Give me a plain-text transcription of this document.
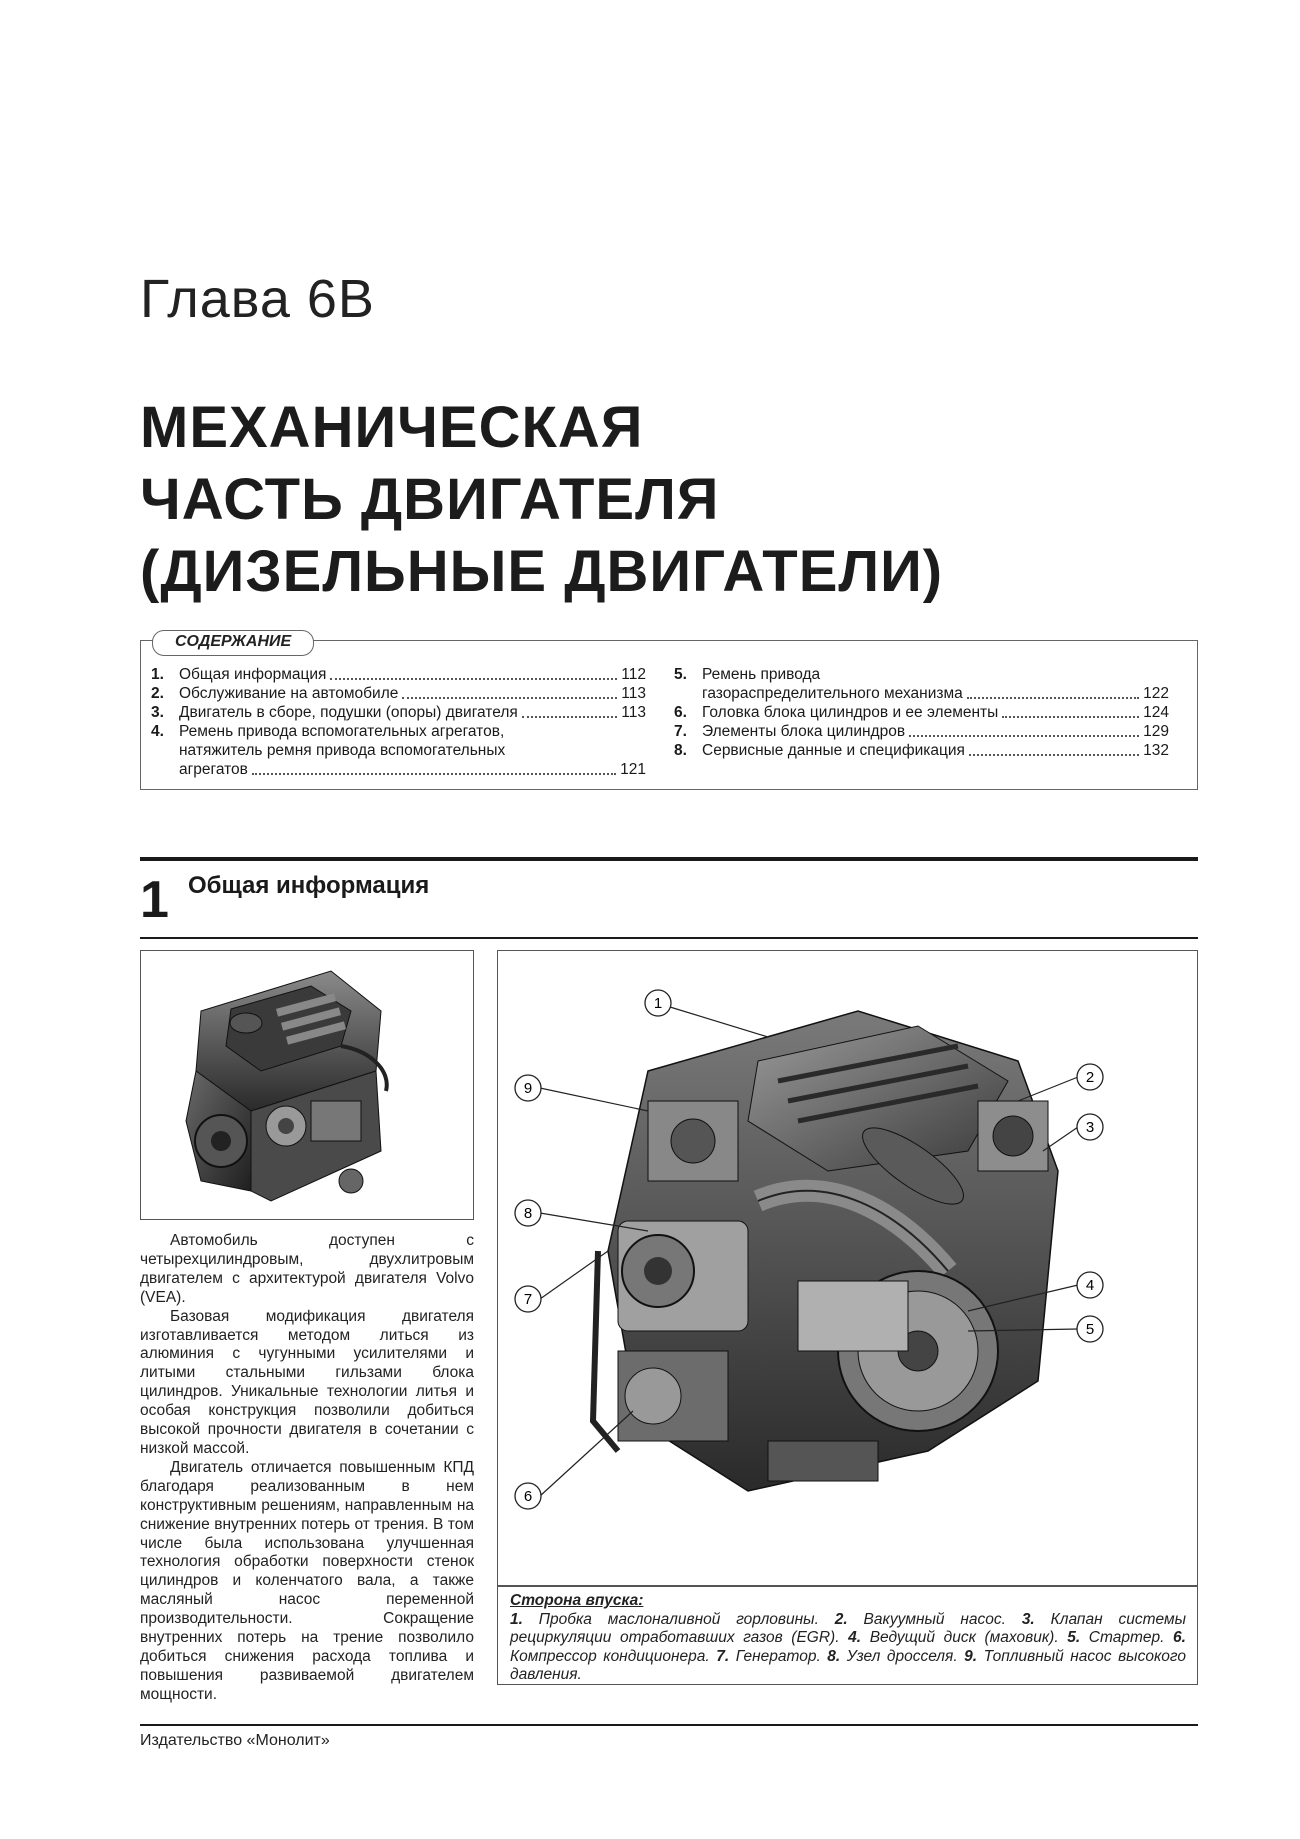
Глава 6В
МЕХАНИЧЕСКАЯ
ЧАСТЬ ДВИГАТЕЛЯ
(ДИЗЕЛЬНЫЕ ДВИГАТЕЛИ)
1. Общая информация	112
2. Обслуживание на автомобиле	113
3. Двигатель в сборе, подушки (опоры) двигателя	113
4. Ремень привода вспомогательных агрегатов,
натяжитель ремня привода вспомогательных
агрегатов	121
5. Ремень привода
газораспределительного механизма	122
6. Головка блока цилиндров и ее элементы	124
7. Элементы блока цилиндров	129
8. Сервисные данные и спецификация	132
СОДЕРЖАНИЕ
1 Общая информация

Автомобиль доступен с четырехцилиндровым, двухлитровым двигателем с архитектурой двигателя Volvo (VEA).

Базовая модификация двигателя изготавливается методом литься из алюминия с чугунными усилителями и литыми стальными гильзами блока цилиндров. Уникальные технологии литья и особая конструкция позволили добиться высокой прочности двигателя в сочетании с низкой массой.

Двигатель отличается повышенным КПД благодаря реализованным в нем конструктивным решениям, направленным на снижение внутренних потерь от трения. В том числе была использована улучшенная технология обработки поверхности стенок цилиндров и коленчатого вала, а также масляный насос переменной производительности. Сокращение внутренних потерь на трение позволило добиться снижения расхода топлива и повышения развиваемой двигателем мощности.

1
2
3
4
5
6
7
8
9
Сторона впуска:
1. Пробка маслоналивной горловины. 2. Вакуумный насос. 3. Клапан системы рециркуляции отработавших газов (EGR). 4. Ведущий диск (маховик). 5. Стартер. 6. Компрессор кондиционера. 7. Генератор. 8. Узел дросселя. 9. Топливный насос высокого давления.
Издательство «Монолит»
